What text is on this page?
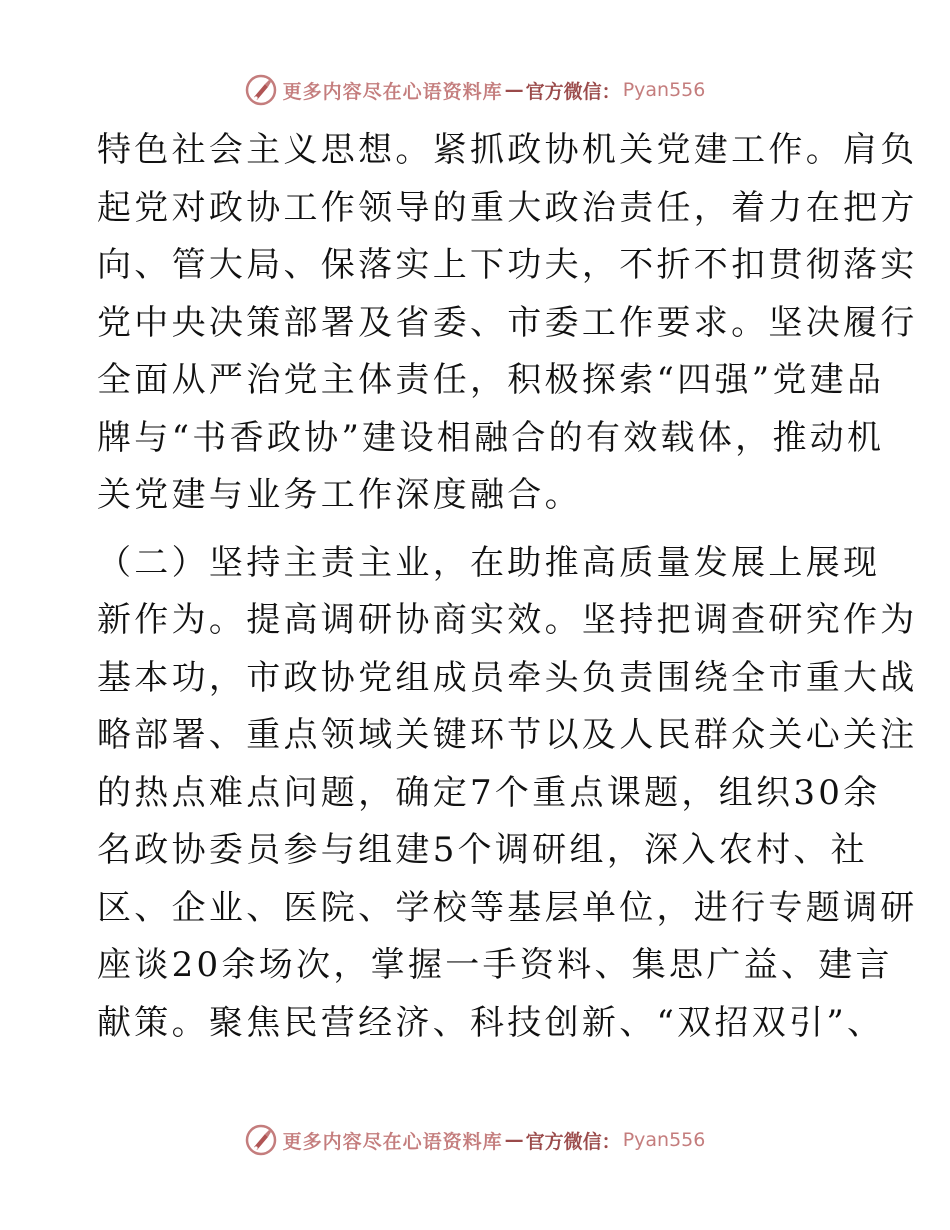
更多内容尽在心语资料库 — 官方微信： Pyan556
特色社会主义思想。紧抓政协机关党建工作。肩负
起党对政协工作领导的重大政治责任，着力在把方
向、管大局、保落实上下功夫，不折不扣贯彻落实
党中央决策部署及省委、市委工作要求。坚决履行
全面从严治党主体责任，积极探索“四强”党建品
牌与“书香政协”建设相融合的有效载体，推动机
关党建与业务工作深度融合。
（二）坚持主责主业，在助推高质量发展上展现
新作为。提高调研协商实效。坚持把调查研究作为
基本功，市政协党组成员牵头负责围绕全市重大战
略部署、重点领域关键环节以及人民群众关心关注
的热点难点问题，确定7个重点课题，组织30余
名政协委员参与组建5个调研组，深入农村、社
区、企业、医院、学校等基层单位，进行专题调研
座谈20余场次，掌握一手资料、集思广益、建言
献策。聚焦民营经济、科技创新、“双招双引”、
更多内容尽在心语资料库 — 官方微信： Pyan556
